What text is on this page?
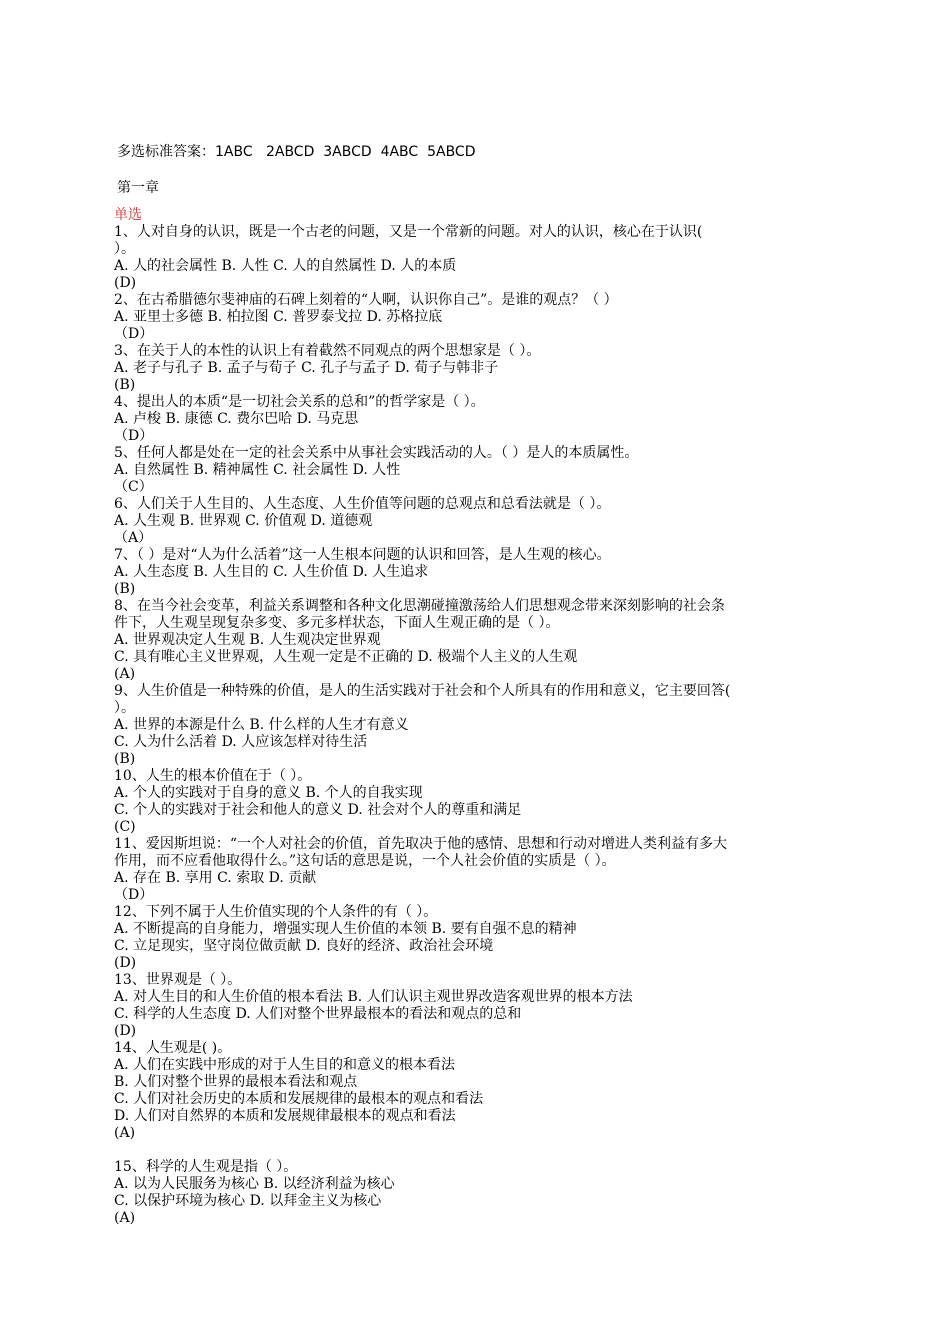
多选标准答案：1ABC   2ABCD  3ABCD  4ABC  5ABCD
第一章
单选
1、人对自身的认识，既是一个古老的问题，又是一个常新的问题。对人的认识，核心在于认识(
）。
A. 人的社会属性 B. 人性 C. 人的自然属性 D. 人的本质
(D)
2、在古希腊德尔斐神庙的石碑上刻着的“人啊，认识你自己”。是谁的观点？（ ）
A. 亚里士多德 B. 柏拉图 C. 普罗泰戈拉 D. 苏格拉底
（D）
3、在关于人的本性的认识上有着截然不同观点的两个思想家是（ ）。
A. 老子与孔子 B. 孟子与荀子 C. 孔子与孟子 D. 荀子与韩非子
(B)
4、提出人的本质“是一切社会关系的总和”的哲学家是（ ）。
A. 卢梭 B. 康德 C. 费尔巴哈 D. 马克思
（D）
5、任何人都是处在一定的社会关系中从事社会实践活动的人。（ ）是人的本质属性。
A. 自然属性 B. 精神属性 C. 社会属性 D. 人性
（C）
6、人们关于人生目的、人生态度、人生价值等问题的总观点和总看法就是（ ）。
A. 人生观 B. 世界观 C. 价值观 D. 道德观
（A）
7、（ ）是对“人为什么活着”这一人生根本问题的认识和回答，是人生观的核心。
A. 人生态度 B. 人生目的 C. 人生价值 D. 人生追求
(B)
8、在当今社会变革，利益关系调整和各种文化思潮碰撞激荡给人们思想观念带来深刻影响的社会条
件下，人生观呈现复杂多变、多元多样状态，下面人生观正确的是（ ）。
A. 世界观决定人生观 B. 人生观决定世界观
C. 具有唯心主义世界观，人生观一定是不正确的 D. 极端个人主义的人生观
(A)
9、人生价值是一种特殊的价值，是人的生活实践对于社会和个人所具有的作用和意义，它主要回答(
）。
A. 世界的本源是什么 B. 什么样的人生才有意义
C. 人为什么活着 D. 人应该怎样对待生活
(B)
10、人生的根本价值在于（ ）。
A. 个人的实践对于自身的意义 B. 个人的自我实现
C. 个人的实践对于社会和他人的意义 D. 社会对个人的尊重和满足
(C)
11、爱因斯坦说：“一个人对社会的价值，首先取决于他的感情、思想和行动对增进人类利益有多大
作用，而不应看他取得什么。”这句话的意思是说，一个人社会价值的实质是（ ）。
A. 存在 B. 享用 C. 索取 D. 贡献
（D）
12、下列不属于人生价值实现的个人条件的有（ ）。
A. 不断提高的自身能力，增强实现人生价值的本领 B. 要有自强不息的精神
C. 立足现实，坚守岗位做贡献 D. 良好的经济、政治社会环境
(D)
13、世界观是（ ）。
A. 对人生目的和人生价值的根本看法 B. 人们认识主观世界改造客观世界的根本方法
C. 科学的人生态度 D. 人们对整个世界最根本的看法和观点的总和
(D)
14、人生观是( )。
A. 人们在实践中形成的对于人生目的和意义的根本看法
B. 人们对整个世界的最根本看法和观点
C. 人们对社会历史的本质和发展规律的最根本的观点和看法
D. 人们对自然界的本质和发展规律最根本的观点和看法
(A)
15、科学的人生观是指（ ）。
A. 以为人民服务为核心 B. 以经济利益为核心
C. 以保护环境为核心 D. 以拜金主义为核心
(A)
